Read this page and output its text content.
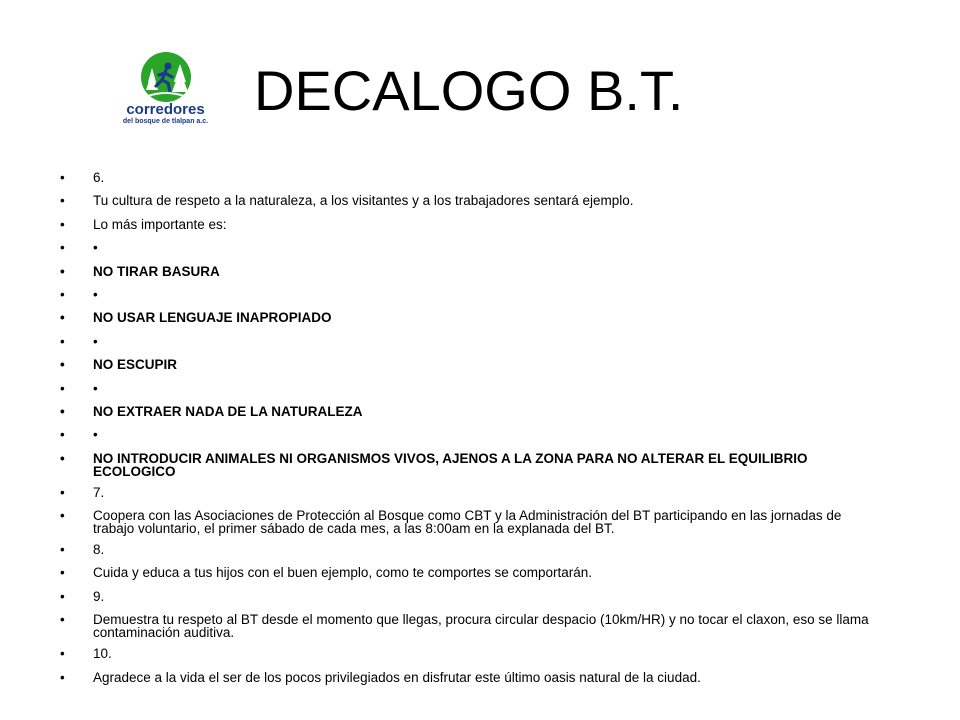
corredores
del bosque de tlalpan a.c. DECALOGO B.T.
• 6.
• Tu cultura de respeto a la naturaleza, a los visitantes y a los trabajadores sentará ejemplo.
• Lo más importante es:
• •
• NO TIRAR BASURA
• •
• NO USAR LENGUAJE INAPROPIADO
• •
• NO ESCUPIR
• •
• NO EXTRAER NADA DE LA NATURALEZA
• •
• NO INTRODUCIR ANIMALES NI ORGANISMOS VIVOS, AJENOS A LA ZONA PARA NO ALTERAR EL EQUILIBRIO ECOLOGICO
• 7.
• Coopera con las Asociaciones de Protección al Bosque como CBT y la Administración del BT participando en las jornadas de trabajo voluntario, el primer sábado de cada mes, a las 8:00am en la explanada del BT.
• 8.
• Cuida y educa a tus hijos con el buen ejemplo, como te comportes se comportarán.
• 9.
• Demuestra tu respeto al BT desde el momento que llegas, procura circular despacio (10km/HR) y no tocar el claxon, eso se llama contaminación auditiva.
• 10.
• Agradece a la vida el ser de los pocos privilegiados en disfrutar este último oasis natural de la ciudad.
